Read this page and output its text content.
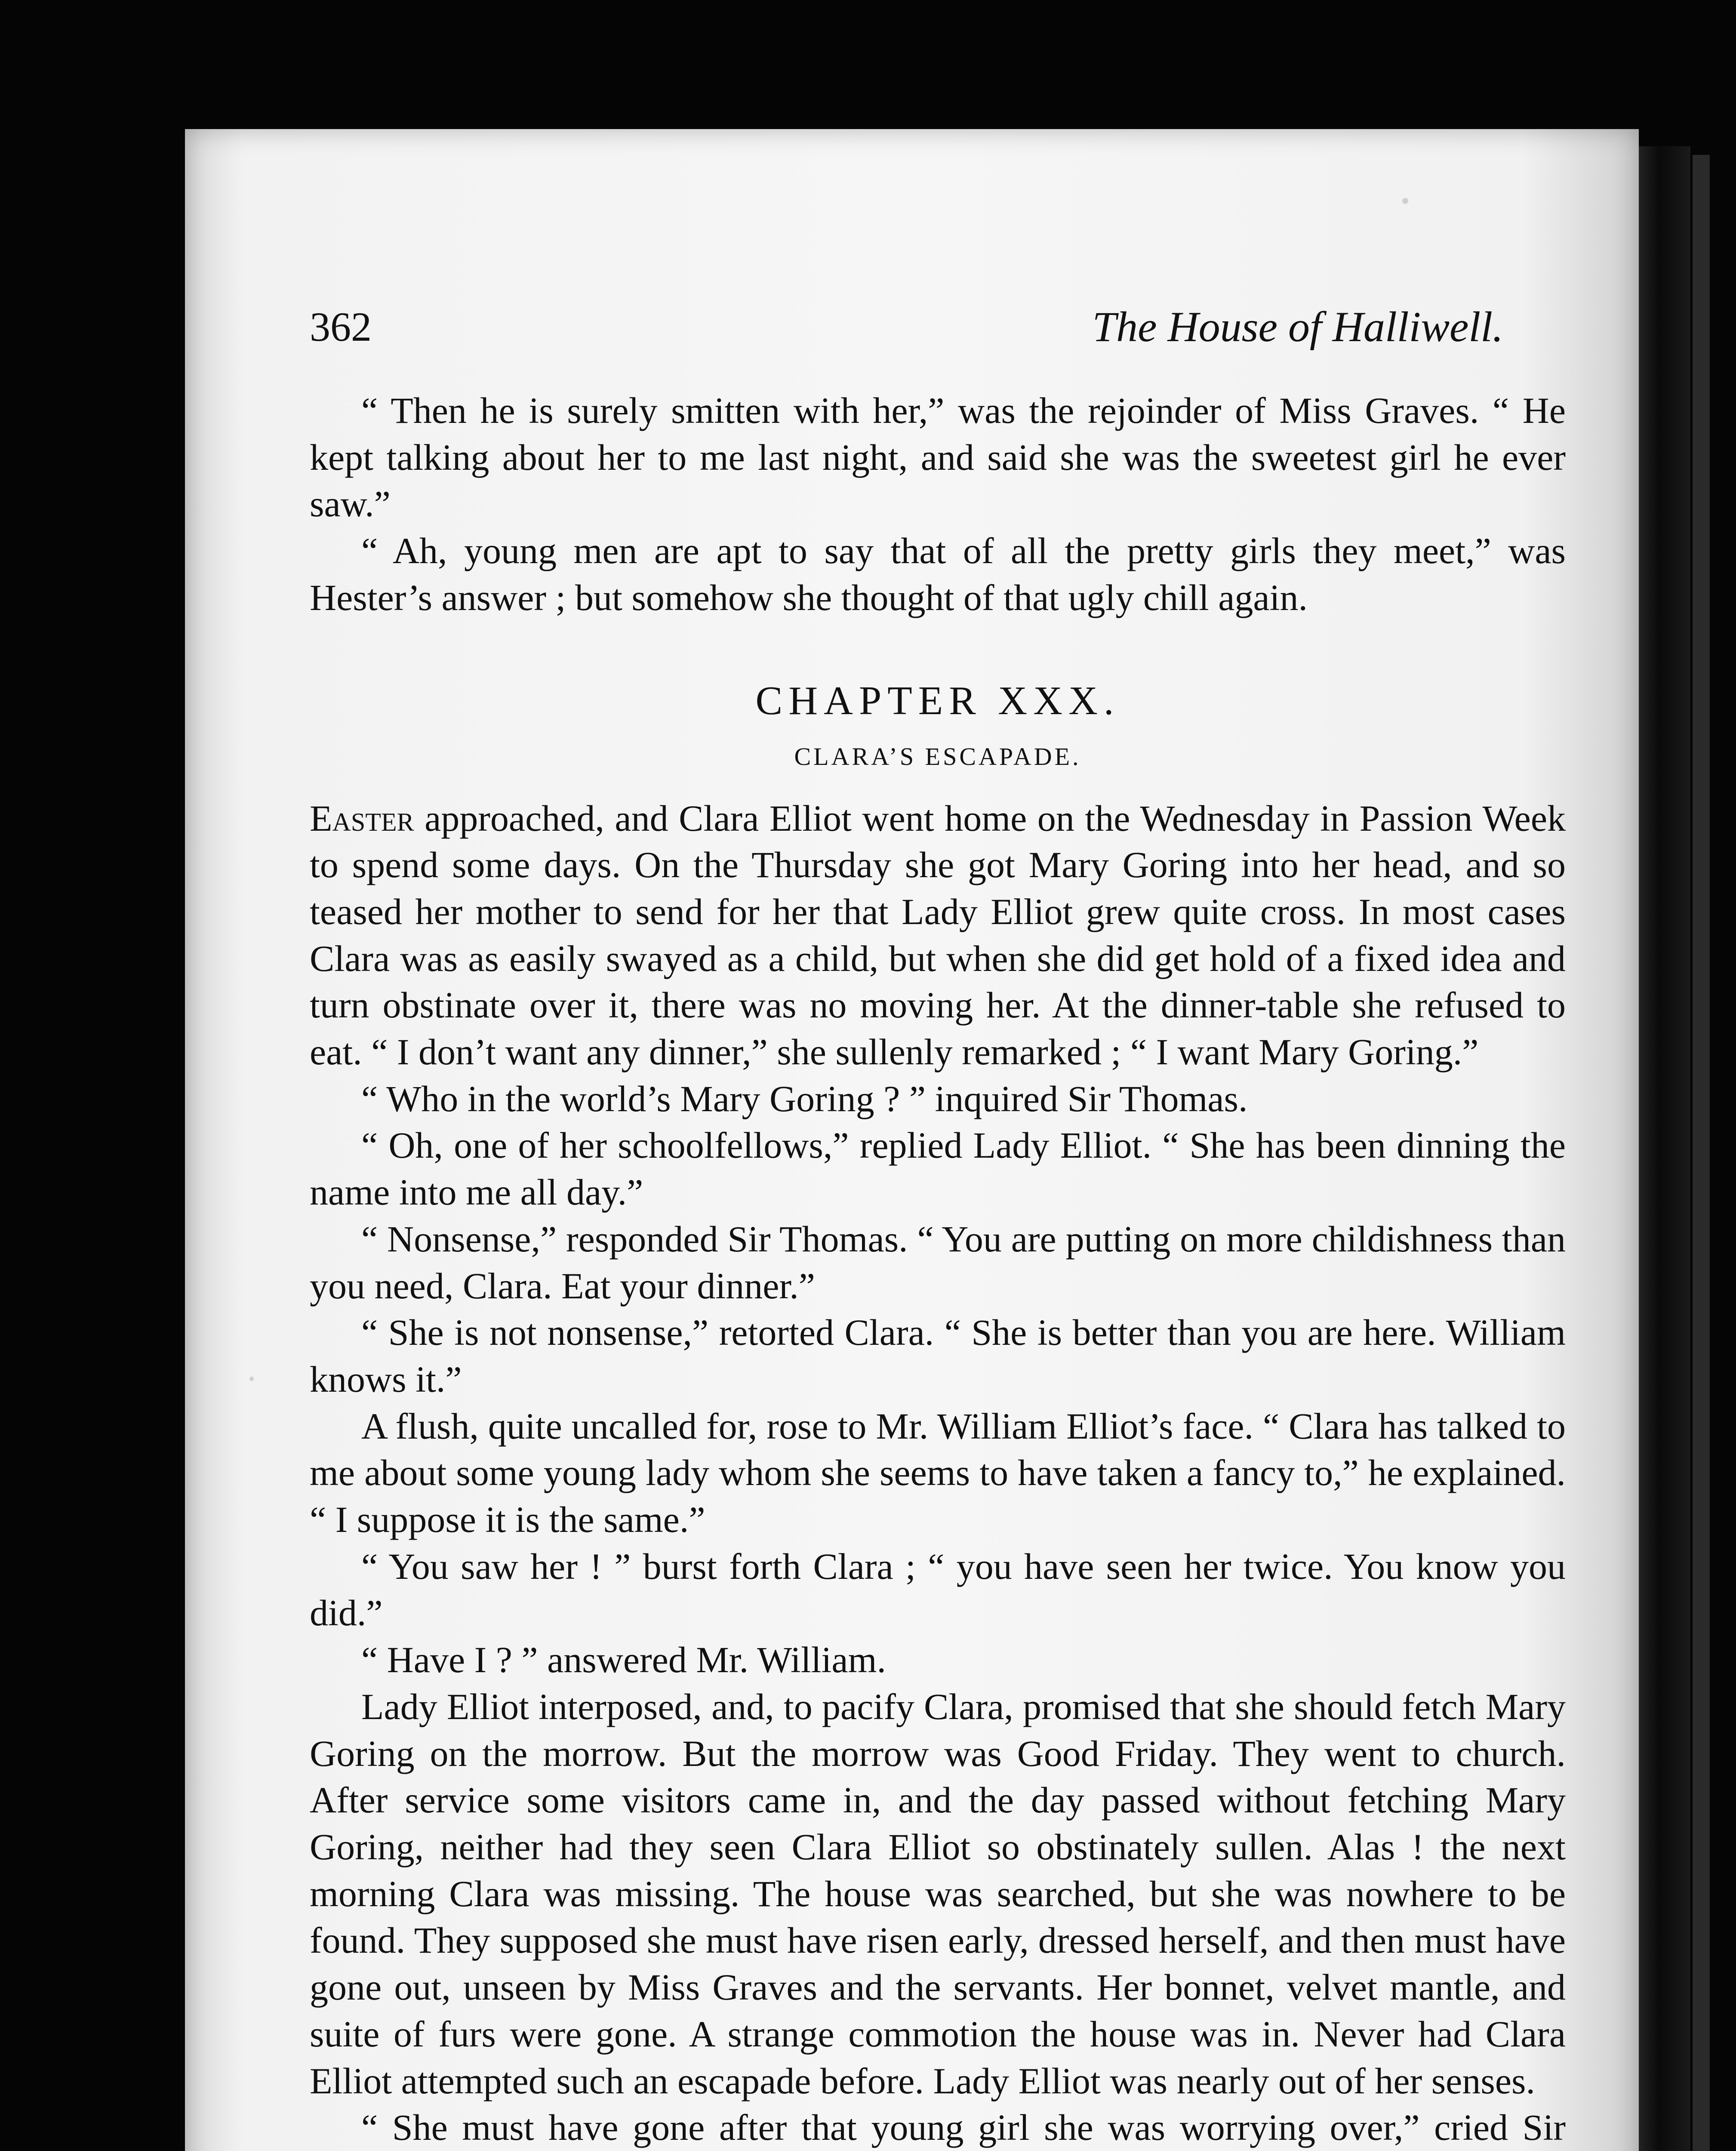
362	The House of Halliwell.

“ Then he is surely smitten with her,” was the rejoinder of Miss Graves. “ He kept talking about her to me last night, and said she was the sweetest girl he ever saw.”

“ Ah, young men are apt to say that of all the pretty girls they meet,” was Hester’s answer ; but somehow she thought of that ugly chill again.

CHAPTER XXX.
CLARA’S ESCAPADE.

Easter approached, and Clara Elliot went home on the Wednesday in Passion Week to spend some days. On the Thursday she got Mary Goring into her head, and so teased her mother to send for her that Lady Elliot grew quite cross. In most cases Clara was as easily swayed as a child, but when she did get hold of a fixed idea and turn obstinate over it, there was no moving her. At the dinner-table she refused to eat. “ I don’t want any dinner,” she sullenly remarked ; “ I want Mary Goring.”

“ Who in the world’s Mary Goring ? ” inquired Sir Thomas.

“ Oh, one of her schoolfellows,” replied Lady Elliot. “ She has been dinning the name into me all day.”

“ Nonsense,” responded Sir Thomas. “ You are putting on more childishness than you need, Clara. Eat your dinner.”

“ She is not nonsense,” retorted Clara. “ She is better than you are here. William knows it.”

A flush, quite uncalled for, rose to Mr. William Elliot’s face. “ Clara has talked to me about some young lady whom she seems to have taken a fancy to,” he explained. “ I suppose it is the same.”

“ You saw her ! ” burst forth Clara ; “ you have seen her twice. You know you did.”

“ Have I ? ” answered Mr. William.

Lady Elliot interposed, and, to pacify Clara, promised that she should fetch Mary Goring on the morrow. But the morrow was Good Friday. They went to church. After service some visitors came in, and the day passed without fetching Mary Goring, neither had they seen Clara Elliot so obstinately sullen. Alas ! the next morning Clara was missing. The house was searched, but she was nowhere to be found. They supposed she must have risen early, dressed herself, and then must have gone out, unseen by Miss Graves and the servants. Her bonnet, velvet mantle, and suite of furs were gone. A strange commotion the house was in. Never had Clara Elliot attempted such an escapade before. Lady Elliot was nearly out of her senses.

“ She must have gone after that young girl she was worrying over,” cried Sir
